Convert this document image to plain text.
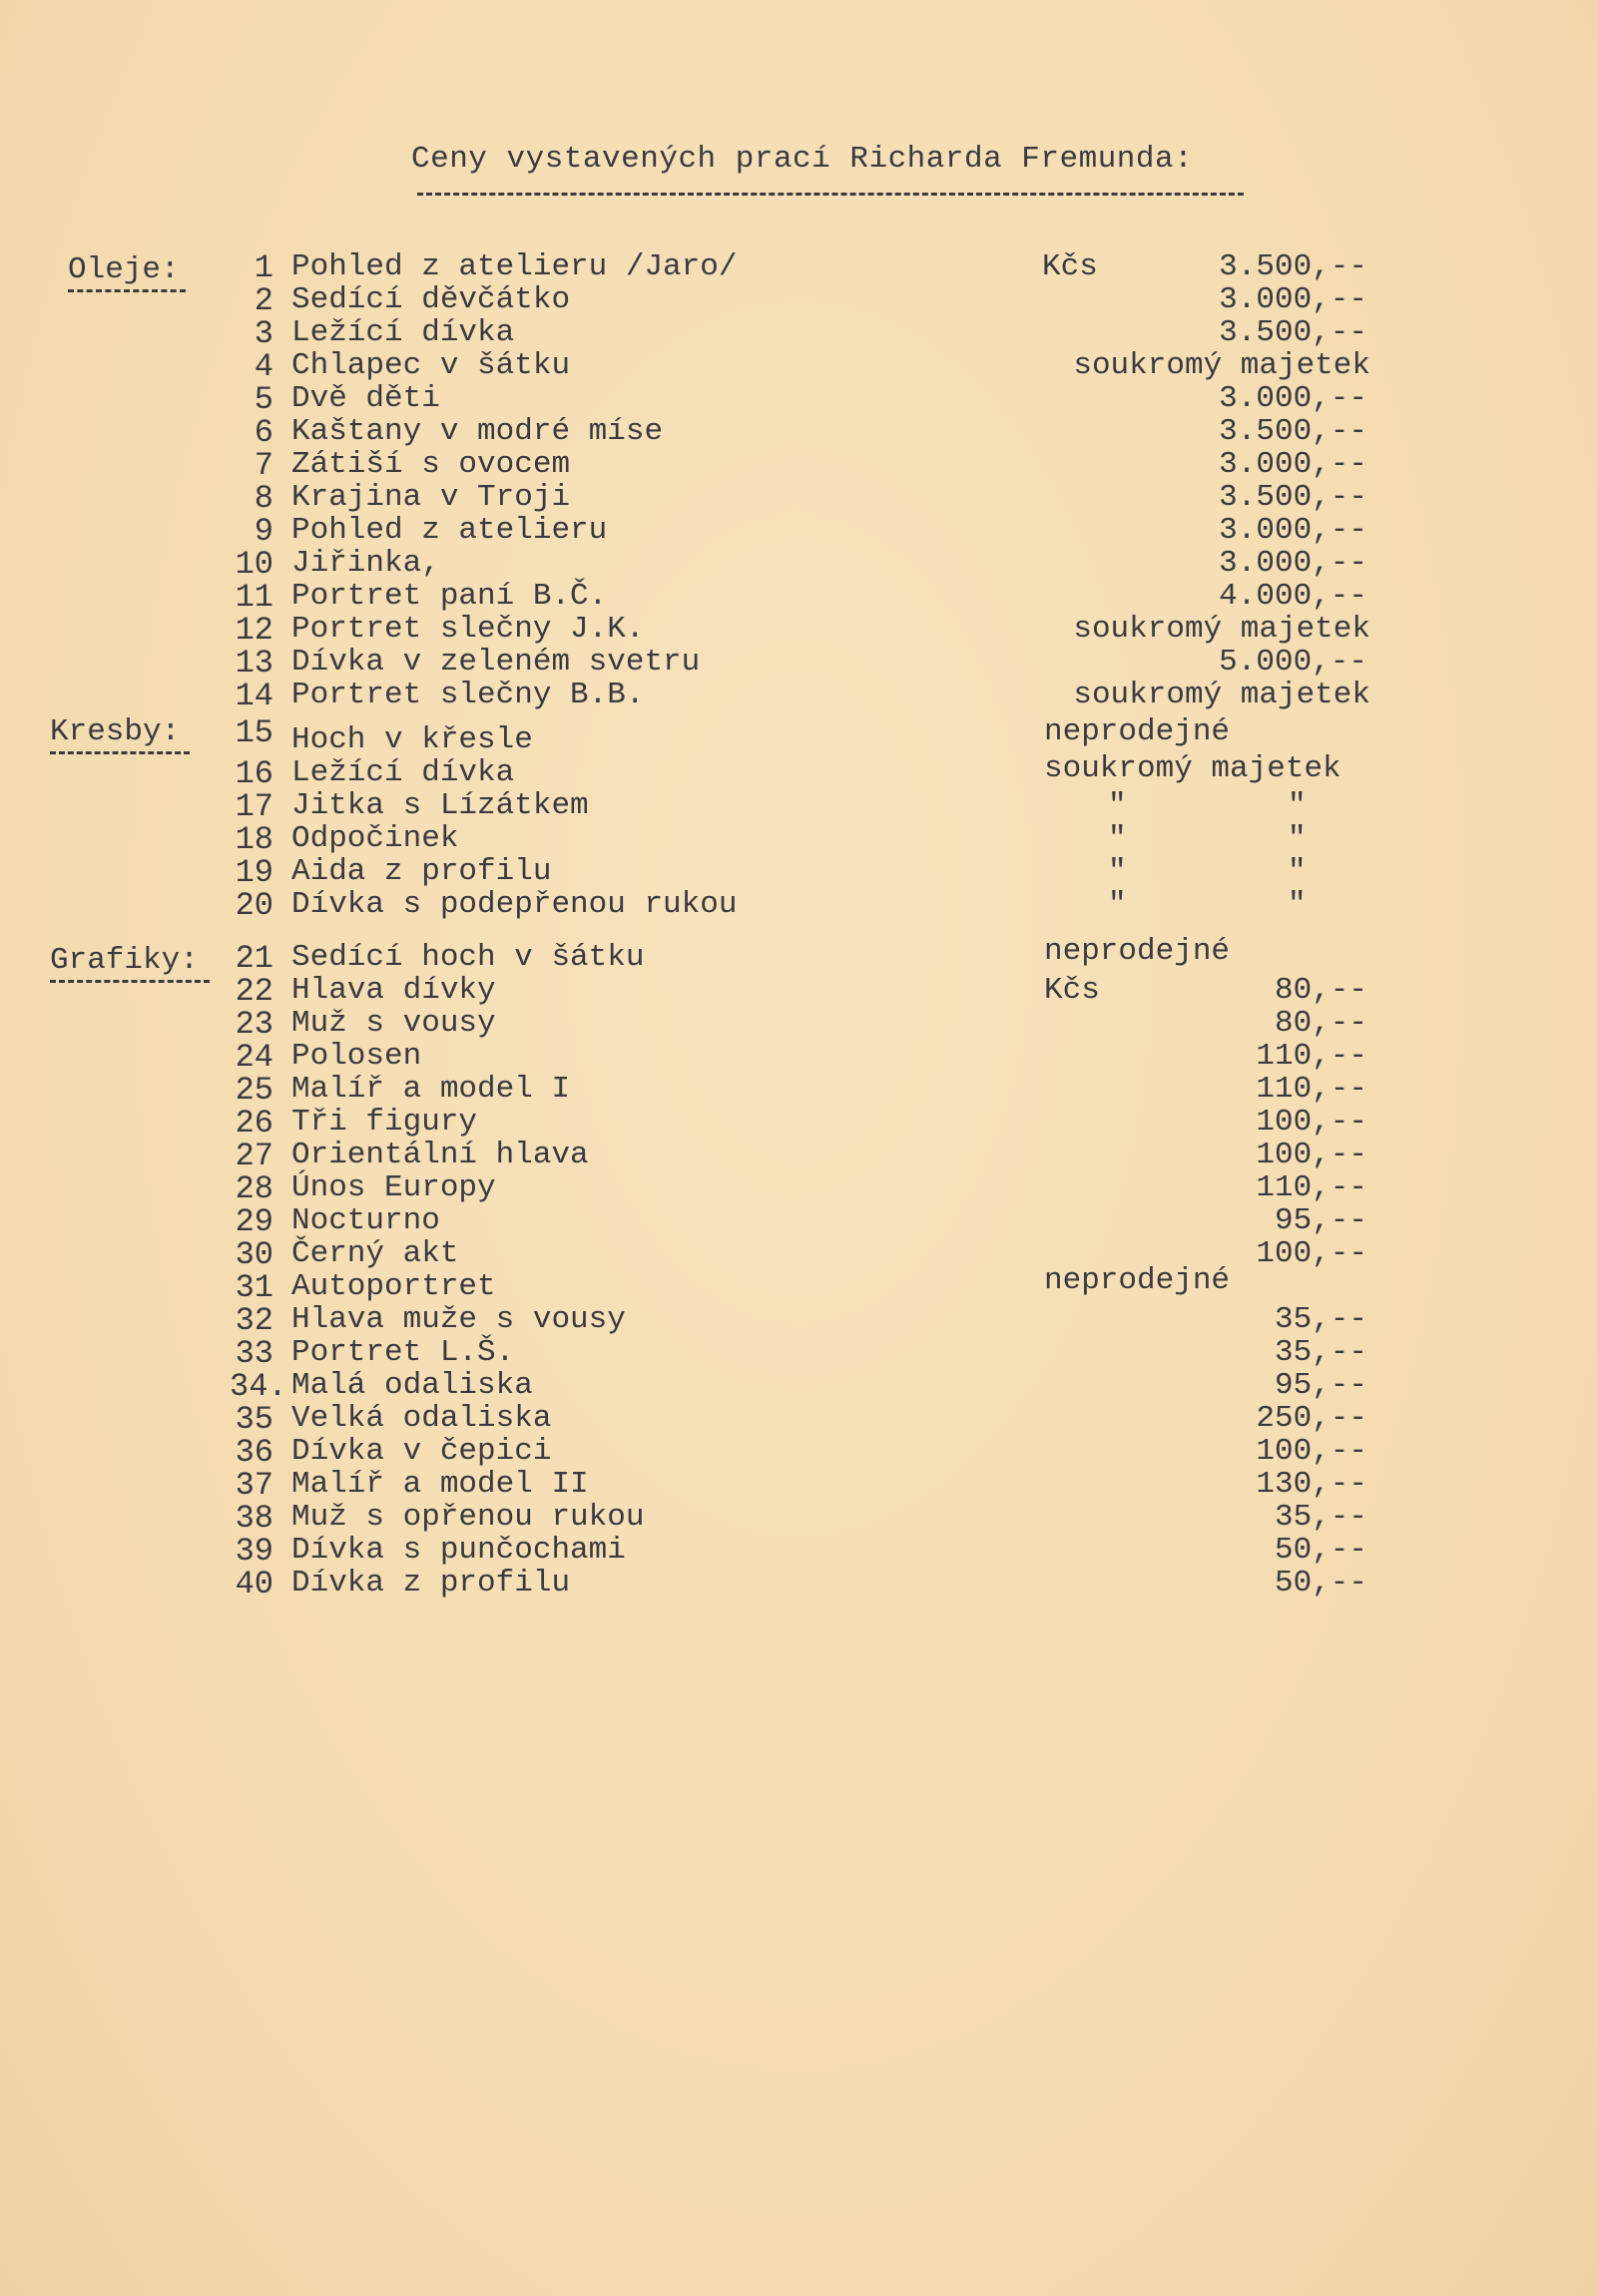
Ceny vystavených prací Richarda Fremunda:
Oleje:
Kresby:
Grafiky:
1 Pohled z atelieru /Jaro/	Kčs	3.500,--
2 Sedící děvčátko	3.000,--
3 Ležící dívka	3.500,--
4 Chlapec v šátku	soukromý majetek
5 Dvě děti	3.000,--
6 Kaštany v modré míse	3.500,--
7 Zátiší s ovocem	3.000,--
8 Krajina v Troji	3.500,--
9 Pohled z atelieru	3.000,--
10 Jiřinka,	3.000,--
11 Portret paní B.Č.	4.000,--
12 Portret slečny J.K.	soukromý majetek
13 Dívka v zeleném svetru	5.000,--
14 Portret slečny B.B.	soukromý majetek
15 Hoch v křesle	neprodejné
16 Ležící dívka	soukromý majetek
17 Jitka s Lízátkem	"	"
18 Odpočinek	"	"
19 Aida z profilu	"	"
20 Dívka s podepřenou rukou	"	"
21 Sedící hoch v šátku	neprodejné
22 Hlava dívky	Kčs	80,--
23 Muž s vousy	80,--
24 Polosen	110,--
25 Malíř a model I	110,--
26 Tři figury	100,--
27 Orientální hlava	100,--
28 Únos Europy	110,--
29 Nocturno	95,--
30 Černý akt	100,--
31 Autoportret	neprodejné
32 Hlava muže s vousy	35,--
33 Portret L.Š.	35,--
34. Malá odaliska	95,--
35 Velká odaliska	250,--
36 Dívka v čepici	100,--
37 Malíř a model II	130,--
38 Muž s opřenou rukou	35,--
39 Dívka s punčochami	50,--
40 Dívka z profilu	50,--
